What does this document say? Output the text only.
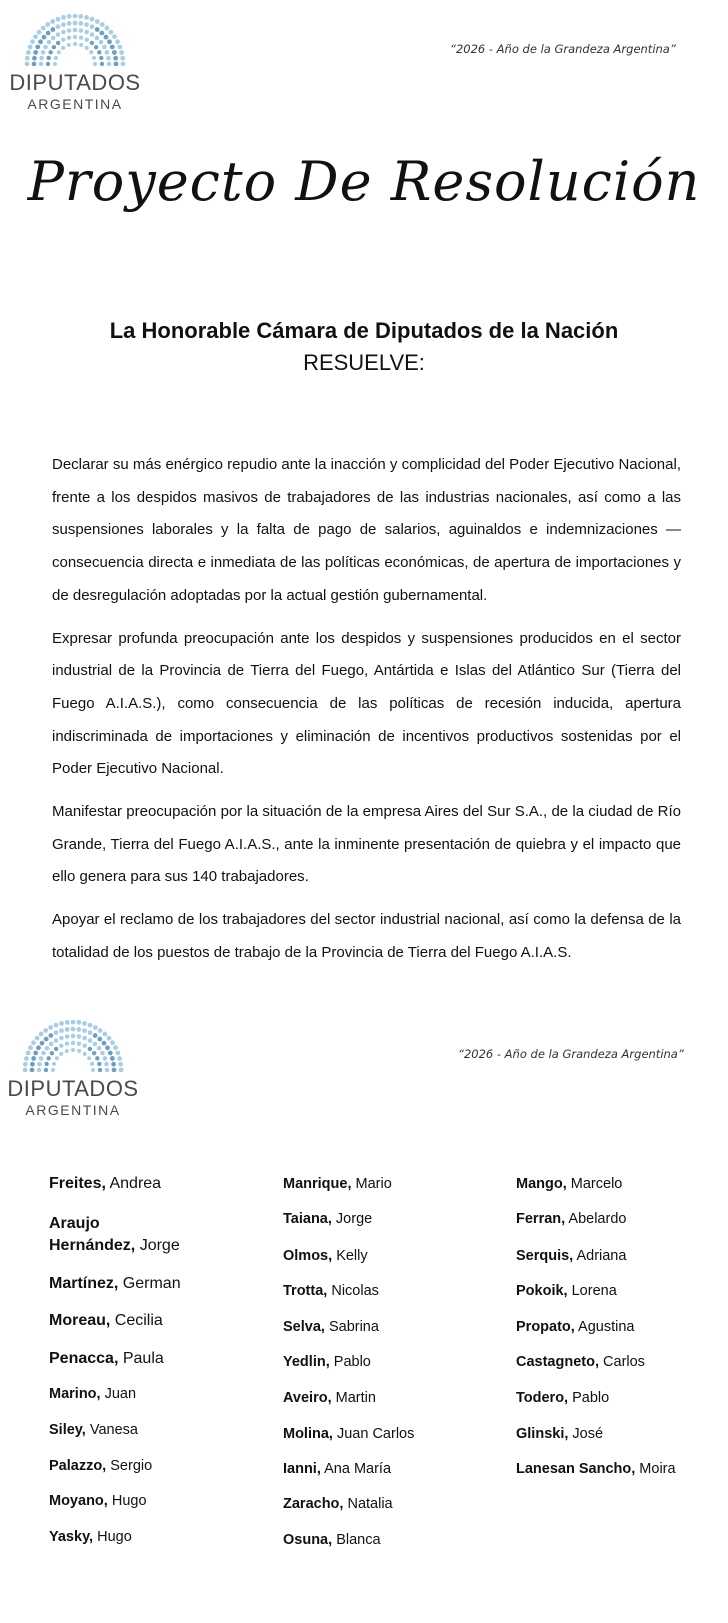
DIPUTADOS
ARGENTINA
“2026 - Año de la Grandeza Argentina”
Proyecto De Resolución
La Honorable Cámara de Diputados de la Nación
RESUELVE:

Declarar su más enérgico repudio ante la inacción y complicidad del Poder Ejecutivo Nacional, frente a los despidos masivos de trabajadores de las industrias nacionales, así como a las suspensiones laborales y la falta de pago de salarios, aguinaldos e indemnizaciones —consecuencia directa e inmediata de las políticas económicas, de apertura de importaciones y de desregulación adoptadas por la actual gestión gubernamental.

Expresar profunda preocupación ante los despidos y suspensiones producidos en el sector industrial de la Provincia de Tierra del Fuego, Antártida e Islas del Atlántico Sur (Tierra del Fuego A.I.A.S.), como consecuencia de las políticas de recesión inducida, apertura indiscriminada de importaciones y eliminación de incentivos productivos sostenidas por el Poder Ejecutivo Nacional.

Manifestar preocupación por la situación de la empresa Aires del Sur S.A., de la ciudad de Río Grande, Tierra del Fuego A.I.A.S., ante la inminente presentación de quiebra y el impacto que ello genera para sus 140 trabajadores.

Apoyar el reclamo de los trabajadores del sector industrial nacional, así como la defensa de la totalidad de los puestos de trabajo de la Provincia de Tierra del Fuego A.I.A.S.

DIPUTADOS
ARGENTINA
“2026 - Año de la Grandeza Argentina”
Freites, Andrea
Araujo
Hernández, Jorge
Martínez, German
Moreau, Cecilia
Penacca, Paula
Marino, Juan
Siley, Vanesa
Palazzo, Sergio
Moyano, Hugo
Yasky, Hugo
Manrique, Mario
Taiana, Jorge
Olmos, Kelly
Trotta, Nicolas
Selva, Sabrina
Yedlin, Pablo
Aveiro, Martin
Molina, Juan Carlos
Ianni, Ana María
Zaracho, Natalia
Osuna, Blanca
Mango, Marcelo
Ferran, Abelardo
Serquis, Adriana
Pokoik, Lorena
Propato, Agustina
Castagneto, Carlos
Todero, Pablo
Glinski, José
Lanesan Sancho, Moira
